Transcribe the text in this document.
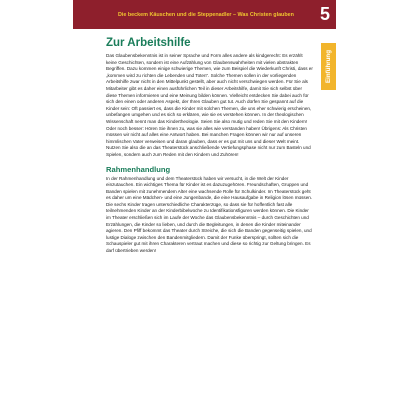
Die beckem Käuschen und die Steppenadler – Was Christen glauben 5
Einführung
Zur Arbeitshilfe

Das Glaubensbekenntnis ist in seiner Sprache und Form alles andere als kindgerecht: Es erzählt keine Geschichten, sondern ist eine Aufzählung von Glaubenswahrheiten mit vielen abstrakten Begriffen. Dazu kommen einige schwierige Themen, wie zum Beispiel die Wiederkunft Christi, dass er „kommen wird zu richten die Lebenden und Toten“. Solche Themen sollen in der vorliegenden Arbeitshilfe zwar nicht in den Mittelpunkt gestellt, aber auch nicht verschwiegen werden. Für Sie als Mitarbeiter gibt es daher einen ausführlichen Teil in dieser Arbeitshilfe, damit Sie sich selbst über diese Themen informieren und eine Meinung bilden können. Vielleicht entdecken Sie dabei auch für sich den einen oder anderen Aspekt, der Ihren Glauben gut tut. Auch dürfen Sie gespannt auf die Kinder sein: Oft passiert es, dass die Kinder mit solchen Themen, die uns eher schwierig erscheinen, unbefangen umgehen und es sich so erklären, wie sie es verstehen können. In der theologischen Wissenschaft nennt man das Kindertheologie. Seien Sie also mutig und reden Sie mit den Kindern! Oder noch besser: Hören Sie ihnen zu, was sie alles wie verstanden haben! Übrigens: Als Christen müssen wir nicht auf alles eine Antwort haben. Bei manchen Fragen können wir nur auf unseren himmlischen Vater verweisen und daran glauben, dass er es gut mit uns und dieser Welt meint. Nutzen Sie also die an das Theaterstück anschließende Vertiefungsphase nicht nur zum Basteln und Spielen, sondern auch zum Reden mit den Kindern und Zuhören!

Rahmenhandlung

In der Rahmenhandlung und dem Theaterstück haben wir versucht, in die Welt der Kinder einzutauchen. Ein wichtiges Thema für Kinder ist es dazuzugehören. Freundschaften, Gruppen und Banden spielen mit zunehmendem Alter eine wachsende Rolle für Schulkinder. Im Theaterstück geht es daher um eine Mädchen- und eine Jungenbande, die eine Hausaufgabe in Religion lösen müssen. Die sechs Kinder tragen unterschiedliche Charakterzüge, so dass sie für hoffentlich fast alle teilnehmenden Kinder an der Kinderbibelwoche zu Identifikationsfiguren werden können. Die Kinder im Theater erschließen sich im Laufe der Woche das Glaubensbekenntnis – durch Geschichten und Erzählungen, die Kinder so lieben, und durch die Begleitungen, in denen die Kinder miteinander agieren. Den Pfiff bekommt das Theater durch Streiche, die sich die Banden gegenseitig spielen, und lustige Dialoge zwischen den Bandenmitgliedern. Damit der Funke überspringt, sollten sich die Schauspieler gut mit ihren Charakteren vertraut machen und diese so richtig zur Geltung bringen. Es darf übertrieben werden!
